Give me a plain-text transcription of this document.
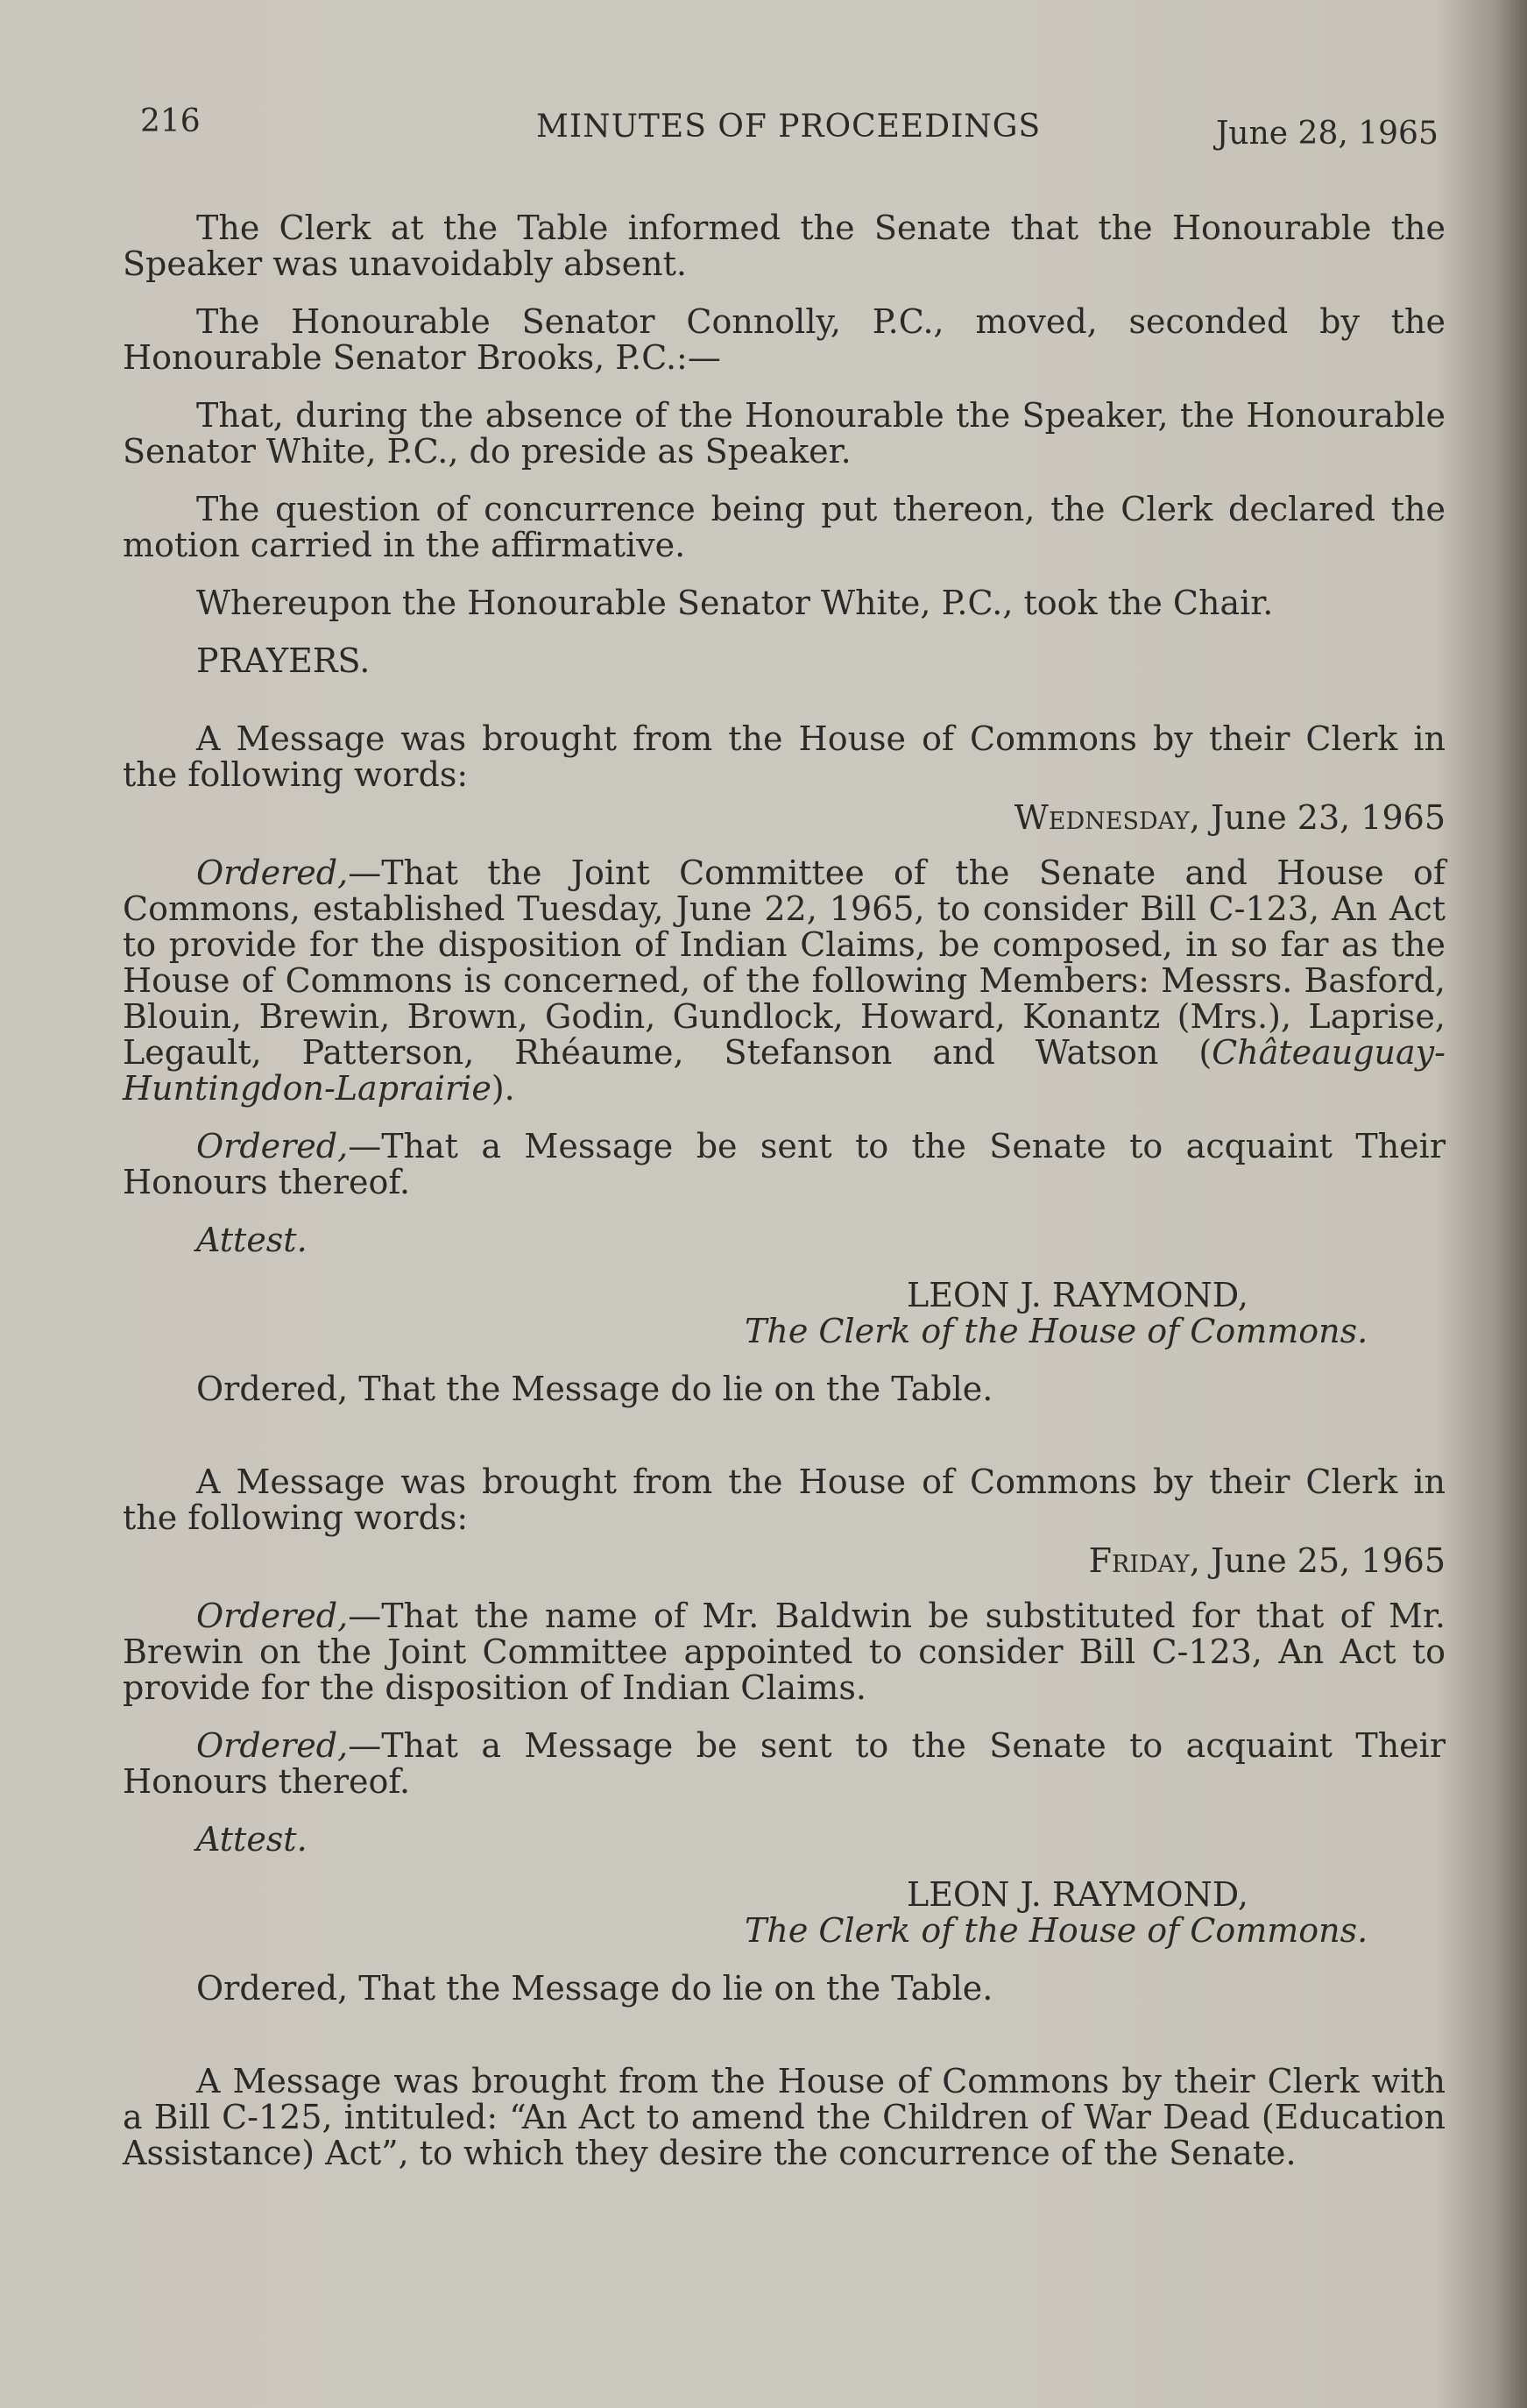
216	MINUTES OF PROCEEDINGS	June 28, 1965

The Clerk at the Table informed the Senate that the Honourable the Speaker was unavoidably absent.

The Honourable Senator Connolly, P.C., moved, seconded by the Honourable Senator Brooks, P.C.:—

That, during the absence of the Honourable the Speaker, the Honourable Senator White, P.C., do preside as Speaker.

The question of concurrence being put thereon, the Clerk declared the motion carried in the affirmative.

Whereupon the Honourable Senator White, P.C., took the Chair.

PRAYERS.

A Message was brought from the House of Commons by their Clerk in the following words:

Wednesday, June 23, 1965

Ordered,—That the Joint Committee of the Senate and House of Commons, established Tuesday, June 22, 1965, to consider Bill C-123, An Act to provide for the disposition of Indian Claims, be composed, in so far as the House of Commons is concerned, of the following Members: Messrs. Basford, Blouin, Brewin, Brown, Godin, Gundlock, Howard, Konantz (Mrs.), Laprise, Legault, Patterson, Rhéaume, Stefanson and Watson (Châteauguay-Huntingdon-Laprairie).

Ordered,—That a Message be sent to the Senate to acquaint Their Honours thereof.

Attest.

LEON J. RAYMOND,

The Clerk of the House of Commons.

Ordered, That the Message do lie on the Table.

A Message was brought from the House of Commons by their Clerk in the following words:

Friday, June 25, 1965

Ordered,—That the name of Mr. Baldwin be substituted for that of Mr. Brewin on the Joint Committee appointed to consider Bill C-123, An Act to provide for the disposition of Indian Claims.

Ordered,—That a Message be sent to the Senate to acquaint Their Honours thereof.

Attest.

LEON J. RAYMOND,

The Clerk of the House of Commons.

Ordered, That the Message do lie on the Table.

A Message was brought from the House of Commons by their Clerk with a Bill C-125, intituled: “An Act to amend the Children of War Dead (Education Assistance) Act”, to which they desire the concurrence of the Senate.
